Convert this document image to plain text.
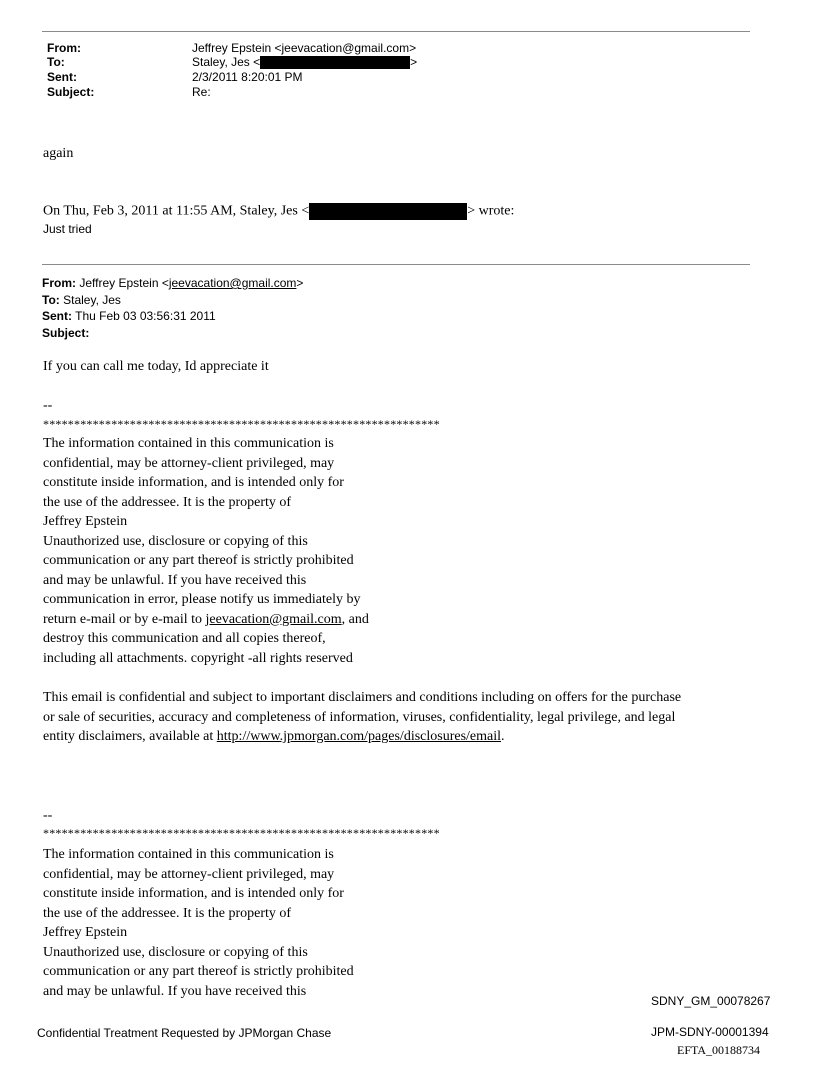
From:	Jeffrey Epstein <jeevacation@gmail.com>
To:	Staley, Jes <	>
Sent:	2/3/2011 8:20:01 PM
Subject:	Re:
again
On Thu, Feb 3, 2011 at 11:55 AM, Staley, Jes <	> wrote:
Just tried
From: Jeffrey Epstein <jeevacation@gmail.com>
To: Staley, Jes
Sent: Thu Feb 03 03:56:31 2011
Subject:
If you can call me today, Id appreciate it
--
****************************************************************
The information contained in this communication is
confidential, may be attorney-client privileged, may
constitute inside information, and is intended only for
the use of the addressee. It is the property of
Jeffrey Epstein
Unauthorized use, disclosure or copying of this
communication or any part thereof is strictly prohibited
and may be unlawful. If you have received this
communication in error, please notify us immediately by
return e-mail or by e-mail to jeevacation@gmail.com, and
destroy this communication and all copies thereof,
including all attachments. copyright -all rights reserved
This email is confidential and subject to important disclaimers and conditions including on offers for the purchase
or sale of securities, accuracy and completeness of information, viruses, confidentiality, legal privilege, and legal
entity disclaimers, available at http://www.jpmorgan.com/pages/disclosures/email.
--
****************************************************************
The information contained in this communication is
confidential, may be attorney-client privileged, may
constitute inside information, and is intended only for
the use of the addressee. It is the property of
Jeffrey Epstein
Unauthorized use, disclosure or copying of this
communication or any part thereof is strictly prohibited
and may be unlawful. If you have received this
SDNY_GM_00078267
Confidential Treatment Requested by JPMorgan Chase	JPM-SDNY-00001394
EFTA_00188734
